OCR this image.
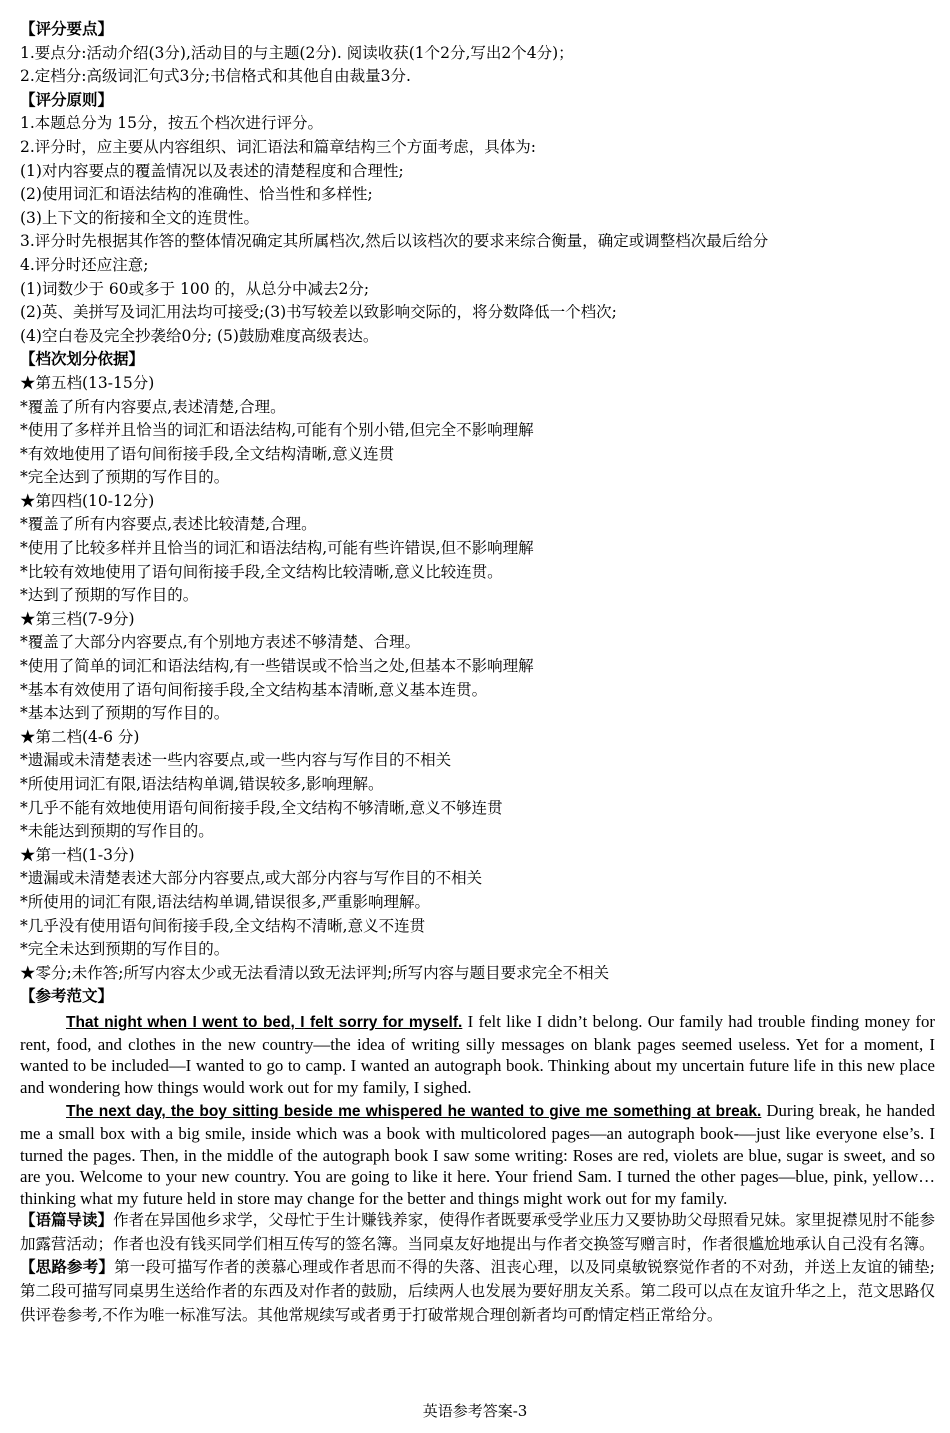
【评分要点】
1.要点分:活动介绍(3分),活动目的与主题(2分). 阅读收获(1个2分,写出2个4分)；
2.定档分:高级词汇句式3分;书信格式和其他自由裁量3分.
【评分原则】
1.本题总分为 15分，按五个档次进行评分。
2.评分时，应主要从内容组织、词汇语法和篇章结构三个方面考虑，具体为:
(1)对内容要点的覆盖情况以及表述的清楚程度和合理性;
(2)使用词汇和语法结构的准确性、恰当性和多样性;
(3)上下文的衔接和全文的连贯性。
3.评分时先根据其作答的整体情况确定其所属档次,然后以该档次的要求来综合衡量，确定或调整档次最后给分
4.评分时还应注意;
(1)词数少于 60或多于 100 的，从总分中减去2分;
(2)英、美拼写及词汇用法均可接受;(3)书写较差以致影响交际的，将分数降低一个档次;
(4)空白卷及完全抄袭给0分; (5)鼓励难度高级表达。
【档次划分依据】
★第五档(13-15分)
*覆盖了所有内容要点,表述清楚,合理。
*使用了多样并且恰当的词汇和语法结构,可能有个别小错,但完全不影响理解
*有效地使用了语句间衔接手段,全文结构清晰,意义连贯
*完全达到了预期的写作目的。
★第四档(10-12分)
*覆盖了所有内容要点,表述比较清楚,合理。
*使用了比较多样并且恰当的词汇和语法结构,可能有些许错误,但不影响理解
*比较有效地使用了语句间衔接手段,全文结构比较清晰,意义比较连贯。
*达到了预期的写作目的。
★第三档(7-9分)
*覆盖了大部分内容要点,有个别地方表述不够清楚、合理。
*使用了简单的词汇和语法结构,有一些错误或不恰当之处,但基本不影响理解
*基本有效使用了语句间衔接手段,全文结构基本清晰,意义基本连贯。
*基本达到了预期的写作目的。
★第二档(4-6 分)
*遗漏或未清楚表述一些内容要点,或一些内容与写作目的不相关
*所使用词汇有限,语法结构单调,错误较多,影响理解。
*几乎不能有效地使用语句间衔接手段,全文结构不够清晰,意义不够连贯
*未能达到预期的写作目的。
★第一档(1-3分)
*遗漏或未清楚表述大部分内容要点,或大部分内容与写作目的不相关
*所使用的词汇有限,语法结构单调,错误很多,严重影响理解。
*几乎没有使用语句间衔接手段,全文结构不清晰,意义不连贯
*完全未达到预期的写作目的。
★零分;未作答;所写内容太少或无法看清以致无法评判;所写内容与题目要求完全不相关
【参考范文】

That night when I went to bed, I felt sorry for myself. I felt like I didn’t belong. Our family had trouble finding money for rent, food, and clothes in the new country—the idea of writing silly messages on blank pages seemed useless. Yet for a moment, I wanted to be included—I wanted to go to camp. I wanted an autograph book. Thinking about my uncertain future life in this new place and wondering how things would work out for my family, I sighed.

The next day, the boy sitting beside me whispered he wanted to give me something at break. During break, he handed me a small box with a big smile, inside which was a book with multicolored pages—an autograph book-—just like everyone else’s. I turned the pages. Then, in the middle of the autograph book I saw some writing: Roses are red, violets are blue, sugar is sweet, and so are you. Welcome to your new country. You are going to like it here. Your friend Sam. I turned the other pages—blue, pink, yellow… thinking what my future held in store may change for the better and things might work out for my family.

【语篇导读】作者在异国他乡求学，父母忙于生计赚钱养家，使得作者既要承受学业压力又要协助父母照看兄妹。家里捉襟见肘不能参加露营活动；作者也没有钱买同学们相互传写的签名簿。当同桌友好地提出与作者交换签写赠言时，作者很尴尬地承认自己没有名簿。

【思路参考】第一段可描写作者的羡慕心理或作者思而不得的失落、沮丧心理，以及同桌敏锐察觉作者的不对劲，并送上友谊的铺垫;第二段可描写同桌男生送给作者的东西及对作者的鼓励，后续两人也发展为要好朋友关系。第二段可以点在友谊升华之上，范文思路仅供评卷参考,不作为唯一标准写法。其他常规续写或者勇于打破常规合理创新者均可酌情定档正常给分。

英语参考答案-3
